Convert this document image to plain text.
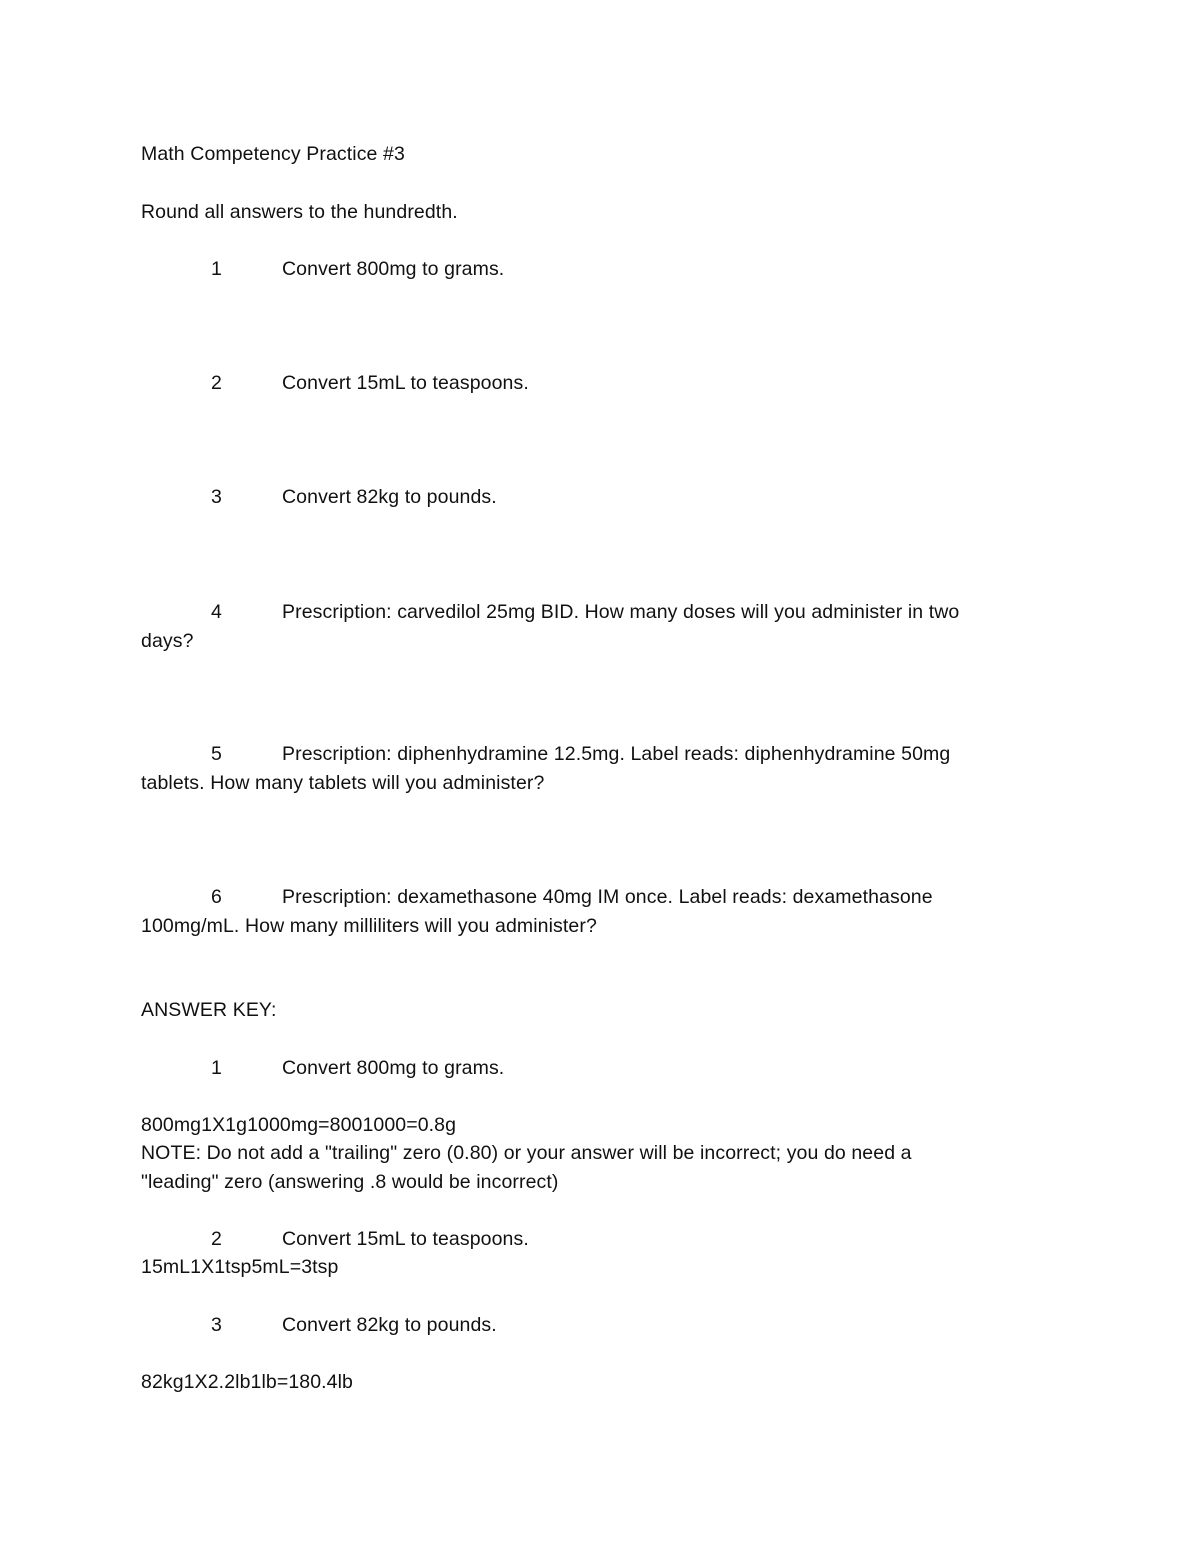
Math Competency Practice #3
Round all answers to the hundredth.
1	Convert 800mg to grams.
2	Convert 15mL to teaspoons.
3	Convert 82kg to pounds.
4	Prescription: carvedilol 25mg BID. How many doses will you administer in two
days?
5	Prescription: diphenhydramine 12.5mg. Label reads: diphenhydramine 50mg
tablets. How many tablets will you administer?
6	Prescription: dexamethasone 40mg IM once. Label reads: dexamethasone
100mg/mL. How many milliliters will you administer?
ANSWER KEY:
1	Convert 800mg to grams.
800mg1X1g1000mg=8001000=0.8g
NOTE: Do not add a "trailing" zero (0.80) or your answer will be incorrect; you do need a
"leading" zero (answering .8 would be incorrect)
2	Convert 15mL to teaspoons.
15mL1X1tsp5mL=3tsp
3	Convert 82kg to pounds.
82kg1X2.2lb1lb=180.4lb
